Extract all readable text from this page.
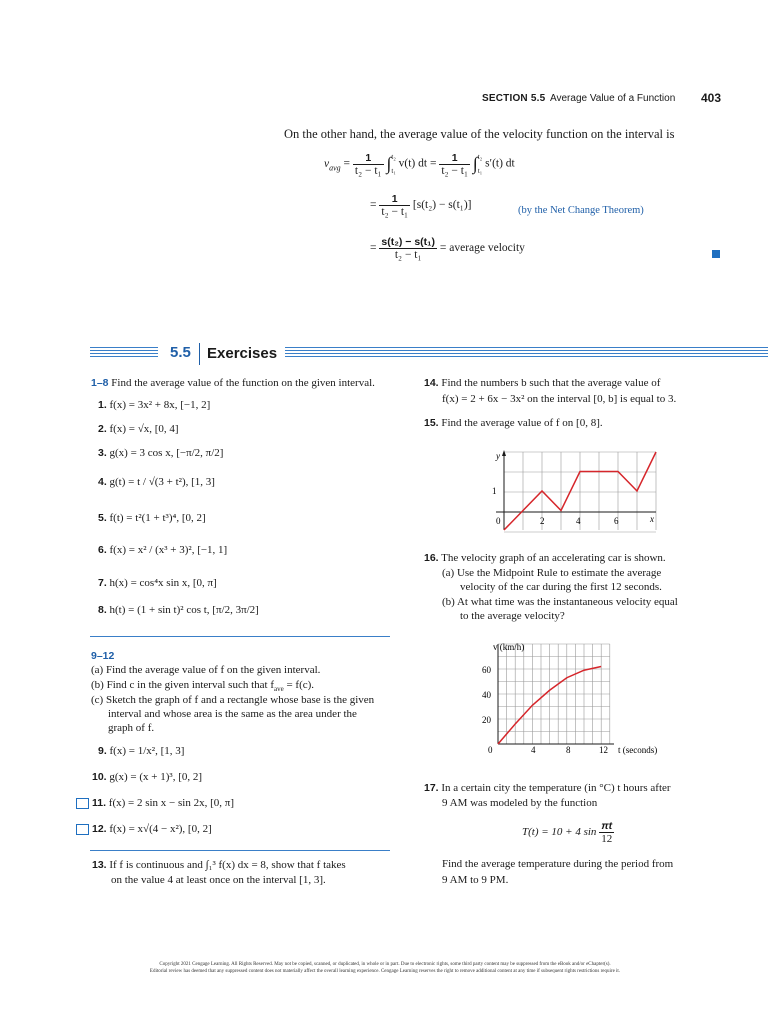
SECTION 5.5 Average Value of a Function 403
On the other hand, the average value of the velocity function on the interval is
$v_{avg} = \frac{1}{\text{t₂ − t₁}}$ ∫ t₂
t₁
v(t) dt = $\frac{1}{\text{t₂ − t₁}}$ ∫ t₂
t₁
s′(t) dt
= $\frac{1}{\text{t₂ − t₁}} [s(t_2) - s(t_1)]$	(by the Net Change Theorem)
= $\frac{\text{s(t₂) − s(t₁)}}{\text{t₂ − t₁}}$ = average velocity
5.5 Exercises
1–8 Find the average value of the function on the given interval.
1. f(x) = 3x² + 8x, [−1, 2]
2. f(x) = √x, [0, 4]
3. g(x) = 3 cos x, [−π/2, π/2]
4. g(t) = t / √(3 + t²), [1, 3]
5. f(t) = t²(1 + t³)⁴, [0, 2]
6. f(x) = x² / (x³ + 3)², [−1, 1]
7. h(x) = cos⁴x sin x, [0, π]
8. h(t) = (1 + sin t)² cos t, [π/2, 3π/2]
9–12
(a) Find the average value of f on the given interval.
(b) Find c in the given interval such that $f_{ave} = f(c)$.
(c) Sketch the graph of f and a rectangle whose base is the given
interval and whose area is the same as the area under the
graph of f.
9. f(x) = 1/x², [1, 3]
10. g(x) = (x + 1)³, [0, 2]
11. f(x) = 2 sin x − sin 2x, [0, π]
12. f(x) = x√(4 − x²), [0, 2]
13. If f is continuous and ∫₁³ f(x) dx = 8, show that f takes
on the value 4 at least once on the interval [1, 3].
14. Find the numbers b such that the average value of
f(x) = 2 + 6x − 3x² on the interval [0, b] is equal to 3.
15. Find the average value of f on [0, 8].
y
x
1
0	2	4	6
16. The velocity graph of an accelerating car is shown.
(a) Use the Midpoint Rule to estimate the average
velocity of the car during the first 12 seconds.
(b) At what time was the instantaneous velocity equal
to the average velocity?
v (km/h)
t (seconds)
20
40
60
0	4	8	12
17. In a certain city the temperature (in °C) t hours after
9 AM was modeled by the function
T(t) = 10 + 4 $\sin \frac{\pi t}{12}$
Find the average temperature during the period from
9 AM to 9 PM.
Copyright 2021 Cengage Learning. All Rights Reserved. May not be copied, scanned, or duplicated, in whole or in part. Due to electronic rights, some third party content may be suppressed from the eBook and/or eChapter(s).
Editorial review has deemed that any suppressed content does not materially affect the overall learning experience. Cengage Learning reserves the right to remove additional content at any time if subsequent rights restrictions require it.
